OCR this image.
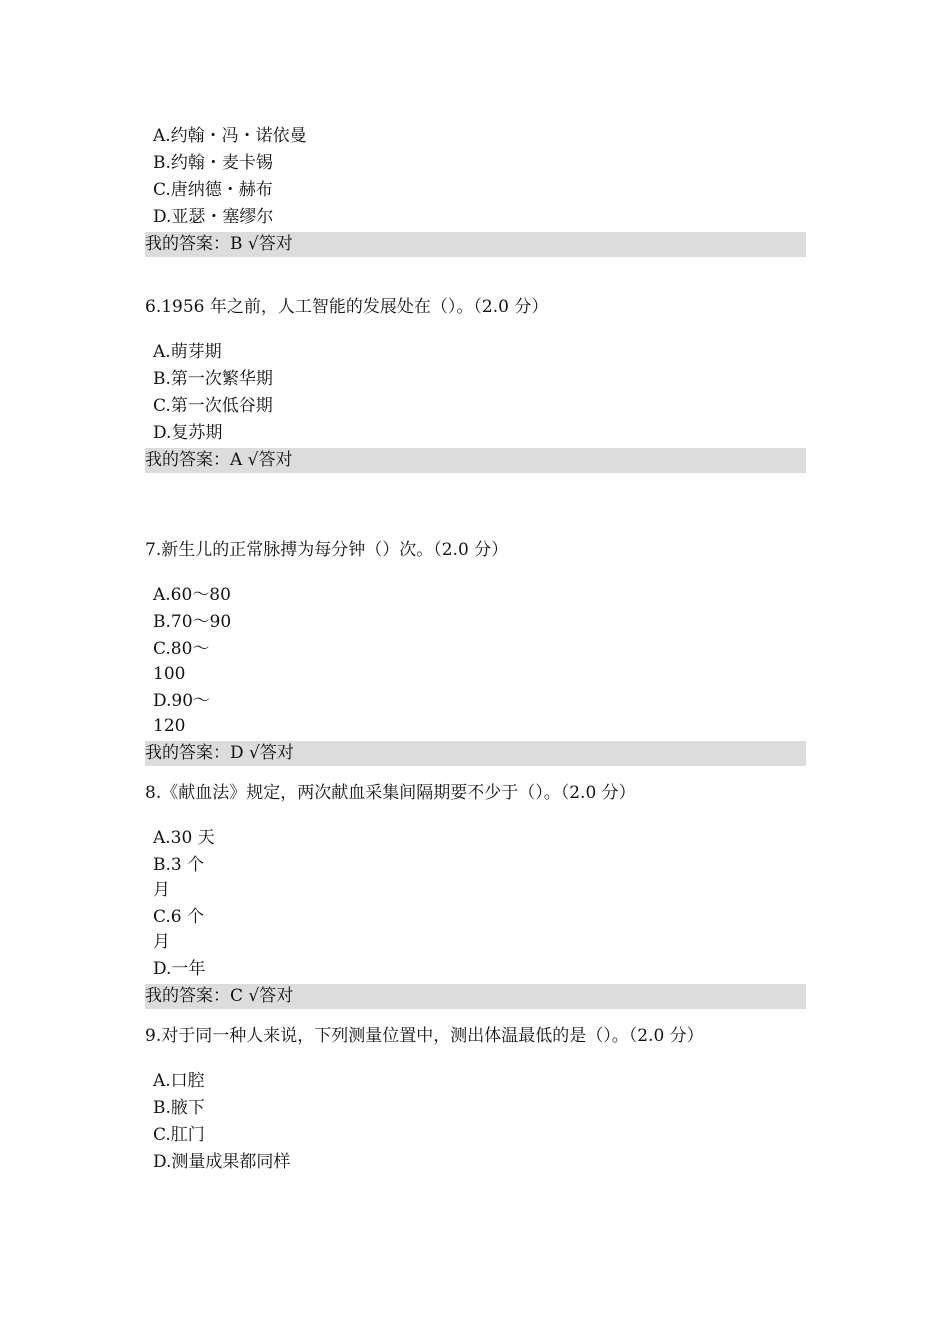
A.约翰・冯・诺依曼
B.约翰・麦卡锡
C.唐纳德・赫布
D.亚瑟・塞缪尔
我的答案：B √答对
6.1956 年之前，人工智能的发展处在（）。（2.0 分）
A.萌芽期
B.第一次繁华期
C.第一次低谷期
D.复苏期
我的答案：A √答对
7.新生儿的正常脉搏为每分钟（）次。（2.0 分）
A.60～80
B.70～90
C.80～100
D.90～120
我的答案：D √答对
8.《献血法》规定，两次献血采集间隔期要不少于（）。（2.0 分）
A.30 天
B.3 个月
C.6 个月
D.一年
我的答案：C √答对
9.对于同一种人来说，下列测量位置中，测出体温最低的是（）。（2.0 分）
A.口腔
B.腋下
C.肛门
D.测量成果都同样
